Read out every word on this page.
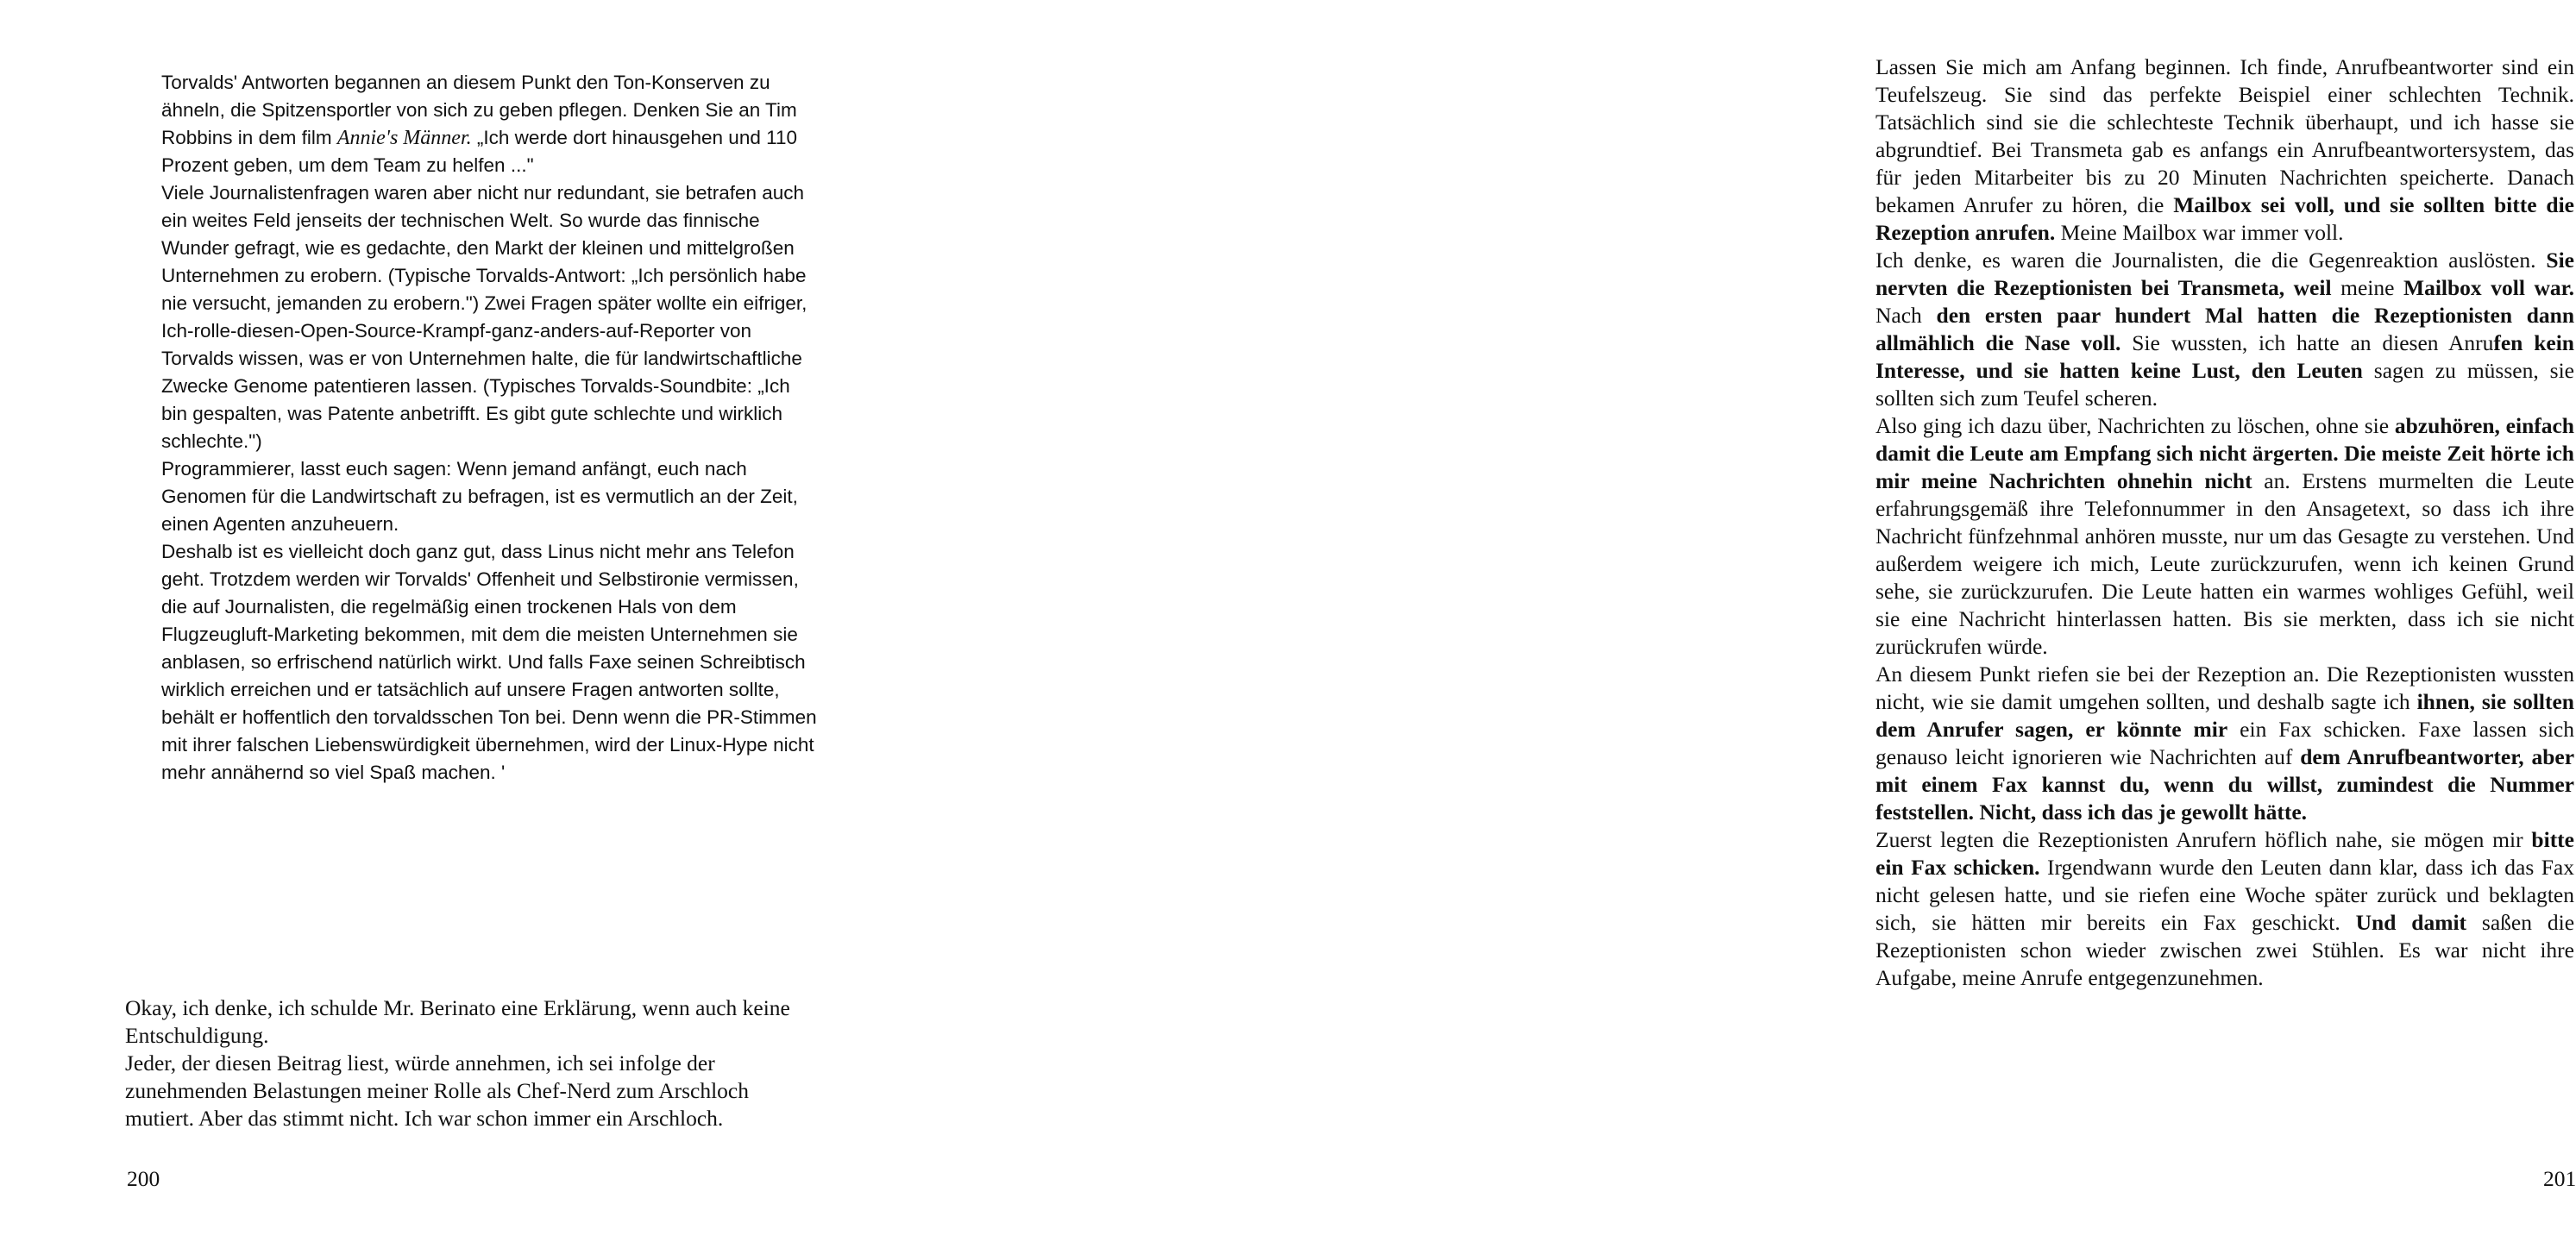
Torvalds' Antworten begannen an diesem Punkt den Ton-Konserven zu ähneln, die Spitzensportler von sich zu geben pflegen. Denken Sie an Tim Robbins in dem film Annie's Männer. „Ich werde dort hinausgehen und 110 Prozent geben, um dem Team zu helfen ..."

Viele Journalistenfragen waren aber nicht nur redundant, sie betrafen auch ein weites Feld jenseits der technischen Welt. So wurde das finnische Wunder gefragt, wie es gedachte, den Markt der kleinen und mittelgroßen Unternehmen zu erobern. (Typische Torvalds-Antwort: „Ich persönlich habe nie versucht, jemanden zu erobern.") Zwei Fragen später wollte ein eifriger, Ich-rolle-diesen-Open-Source-Krampf-ganz-anders-auf-Reporter von Torvalds wissen, was er von Unternehmen halte, die für landwirtschaftliche Zwecke Genome patentieren lassen. (Typisches Torvalds-Soundbite: „Ich bin gespalten, was Patente anbetrifft. Es gibt gute schlechte und wirklich schlechte.")

Programmierer, lasst euch sagen: Wenn jemand anfängt, euch nach Genomen für die Landwirtschaft zu befragen, ist es vermutlich an der Zeit, einen Agenten anzuheuern.

Deshalb ist es vielleicht doch ganz gut, dass Linus nicht mehr ans Telefon geht. Trotzdem werden wir Torvalds' Offenheit und Selbstironie vermissen, die auf Journalisten, die regelmäßig einen trockenen Hals von dem Flugzeugluft-Marketing bekommen, mit dem die meisten Unternehmen sie anblasen, so erfrischend natürlich wirkt. Und falls Faxe seinen Schreibtisch wirklich erreichen und er tatsächlich auf unsere Fragen antworten sollte, behält er hoffentlich den torvaldsschen Ton bei. Denn wenn die PR-Stimmen mit ihrer falschen Liebenswürdigkeit übernehmen, wird der Linux-Hype nicht mehr annähernd so viel Spaß machen. '

Okay, ich denke, ich schulde Mr. Berinato eine Erklärung, wenn auch keine Entschuldigung.

Jeder, der diesen Beitrag liest, würde annehmen, ich sei infolge der zunehmenden Belastungen meiner Rolle als Chef-Nerd zum Arschloch mutiert. Aber das stimmt nicht. Ich war schon immer ein Arschloch.

200

Lassen Sie mich am Anfang beginnen. Ich finde, Anrufbeantworter sind ein Teufelszeug. Sie sind das perfekte Beispiel einer schlechten Technik. Tatsächlich sind sie die schlechteste Technik überhaupt, und ich hasse sie abgrundtief. Bei Transmeta gab es anfangs ein Anrufbeantwortersystem, das für jeden Mitarbeiter bis zu 20 Minuten Nachrichten speicherte. Danach bekamen Anrufer zu hören, die Mailbox sei voll, und sie sollten bitte die Rezeption anrufen. Meine Mailbox war immer voll.

Ich denke, es waren die Journalisten, die die Gegenreaktion auslösten. Sie nervten die Rezeptionisten bei Transmeta, weil meine Mailbox voll war. Nach den ersten paar hundert Mal hatten die Rezeptionisten dann allmählich die Nase voll. Sie wussten, ich hatte an diesen Anrufen kein Interesse, und sie hatten keine Lust, den Leuten sagen zu müssen, sie sollten sich zum Teufel scheren.

Also ging ich dazu über, Nachrichten zu löschen, ohne sie abzuhören, einfach damit die Leute am Empfang sich nicht ärgerten. Die meiste Zeit hörte ich mir meine Nachrichten ohnehin nicht an. Erstens murmelten die Leute erfahrungsgemäß ihre Telefonnummer in den Ansagetext, so dass ich ihre Nachricht fünfzehnmal anhören musste, nur um das Gesagte zu verstehen. Und außerdem weigere ich mich, Leute zurückzurufen, wenn ich keinen Grund sehe, sie zurückzurufen. Die Leute hatten ein warmes wohliges Gefühl, weil sie eine Nachricht hinterlassen hatten. Bis sie merkten, dass ich sie nicht zurückrufen würde.

An diesem Punkt riefen sie bei der Rezeption an. Die Rezeptionisten wussten nicht, wie sie damit umgehen sollten, und deshalb sagte ich ihnen, sie sollten dem Anrufer sagen, er könnte mir ein Fax schicken. Faxe lassen sich genauso leicht ignorieren wie Nachrichten auf dem Anrufbeantworter, aber mit einem Fax kannst du, wenn du willst, zumindest die Nummer feststellen. Nicht, dass ich das je gewollt hätte.

Zuerst legten die Rezeptionisten Anrufern höflich nahe, sie mögen mir bitte ein Fax schicken. Irgendwann wurde den Leuten dann klar, dass ich das Fax nicht gelesen hatte, und sie riefen eine Woche später zurück und beklagten sich, sie hätten mir bereits ein Fax geschickt. Und damit saßen die Rezeptionisten schon wieder zwischen zwei Stühlen. Es war nicht ihre Aufgabe, meine Anrufe entgegenzunehmen.

201
